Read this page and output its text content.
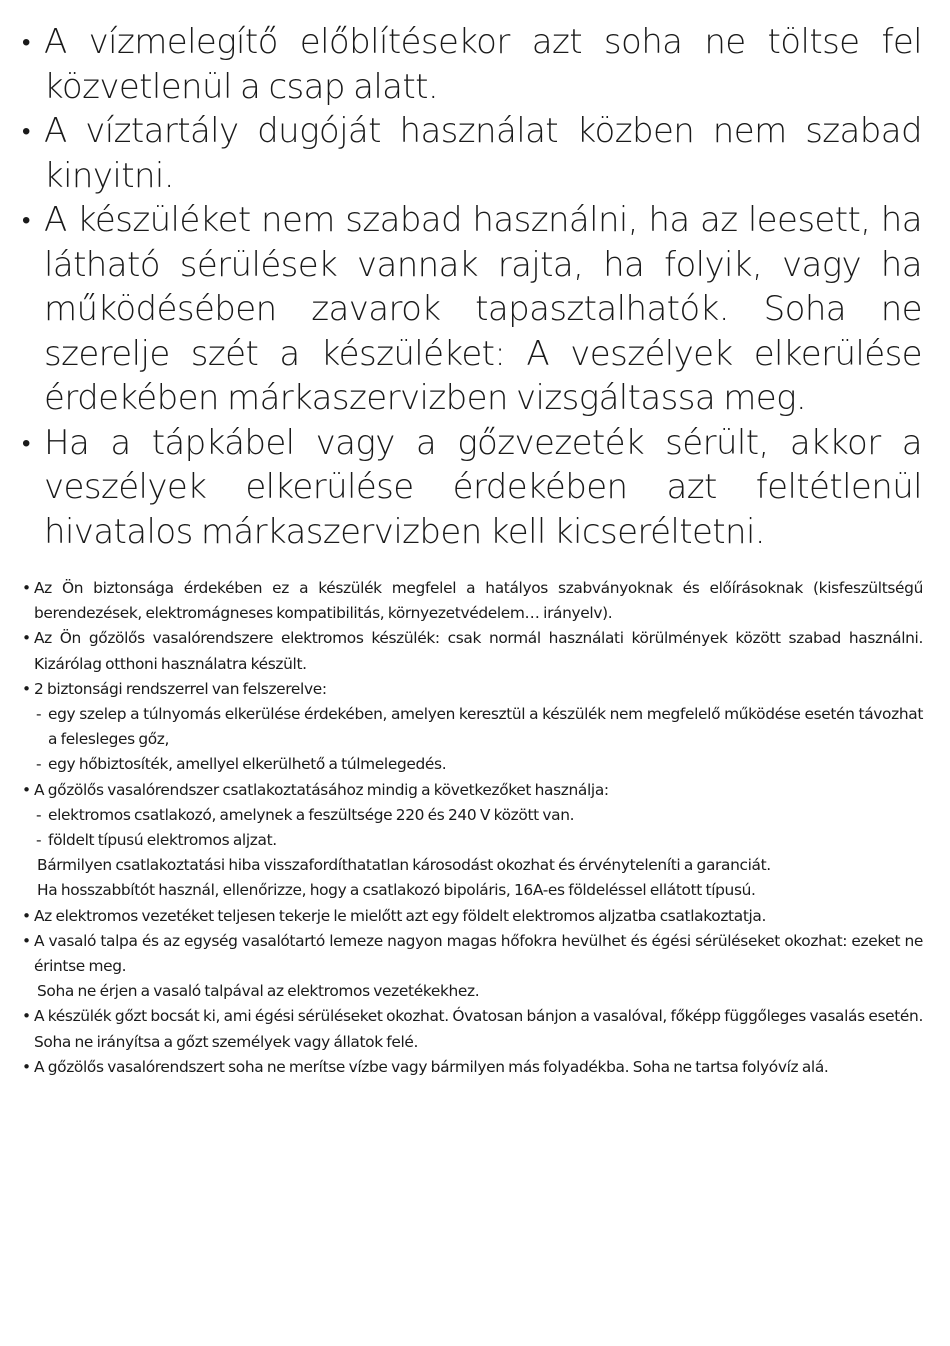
• A vízmelegítő előblítésekor azt soha ne töltse fel közvetlenül a csap alatt.
• A víztartály dugóját használat közben nem szabad kinyitni.
• A készüléket nem szabad használni, ha az leesett, ha látható sérülések vannak rajta, ha folyik, vagy ha működésében zavarok tapasztalhatók. Soha ne szerelje szét a készüléket: A veszélyek elkerülése érdekében márkaszervizben vizsgáltassa meg.
• Ha a tápkábel vagy a gőzvezeték sérült, akkor a veszélyek elkerülése érdekében azt feltétlenül hivatalos márkaszervizben kell kicseréltetni.
• Az Ön biztonsága érdekében ez a készülék megfelel a hatályos szabványoknak és előírásoknak (kisfeszültségű berendezések, elektromágneses kompatibilitás, környezetvédelem… irányelv).
• Az Ön gőzölős vasalórendszere elektromos készülék: csak normál használati körülmények között szabad használni. Kizárólag otthoni használatra készült.
• 2 biztonsági rendszerrel van felszerelve:
- egy szelep a túlnyomás elkerülése érdekében, amelyen keresztül a készülék nem megfelelő működése esetén távozhat a felesleges gőz,
- egy hőbiztosíték, amellyel elkerülhető a túlmelegedés.
• A gőzölős vasalórendszer csatlakoztatásához mindig a következőket használja:
- elektromos csatlakozó, amelynek a feszültsége 220 és 240 V között van.
- földelt típusú elektromos aljzat.
Bármilyen csatlakoztatási hiba visszafordíthatatlan károsodást okozhat és érvényteleníti a garanciát.
Ha hosszabbítót használ, ellenőrizze, hogy a csatlakozó bipoláris, 16A-es földeléssel ellátott típusú.
• Az elektromos vezetéket teljesen tekerje le mielőtt azt egy földelt elektromos aljzatba csatlakoztatja.
• A vasaló talpa és az egység vasalótartó lemeze nagyon magas hőfokra hevülhet és égési sérüléseket okozhat: ezeket ne érintse meg.
Soha ne érjen a vasaló talpával az elektromos vezetékekhez.
• A készülék gőzt bocsát ki, ami égési sérüléseket okozhat. Óvatosan bánjon a vasalóval, főképp függőleges vasalás esetén. Soha ne irányítsa a gőzt személyek vagy állatok felé.
• A gőzölős vasalórendszert soha ne merítse vízbe vagy bármilyen más folyadékba. Soha ne tartsa folyóvíz alá.
